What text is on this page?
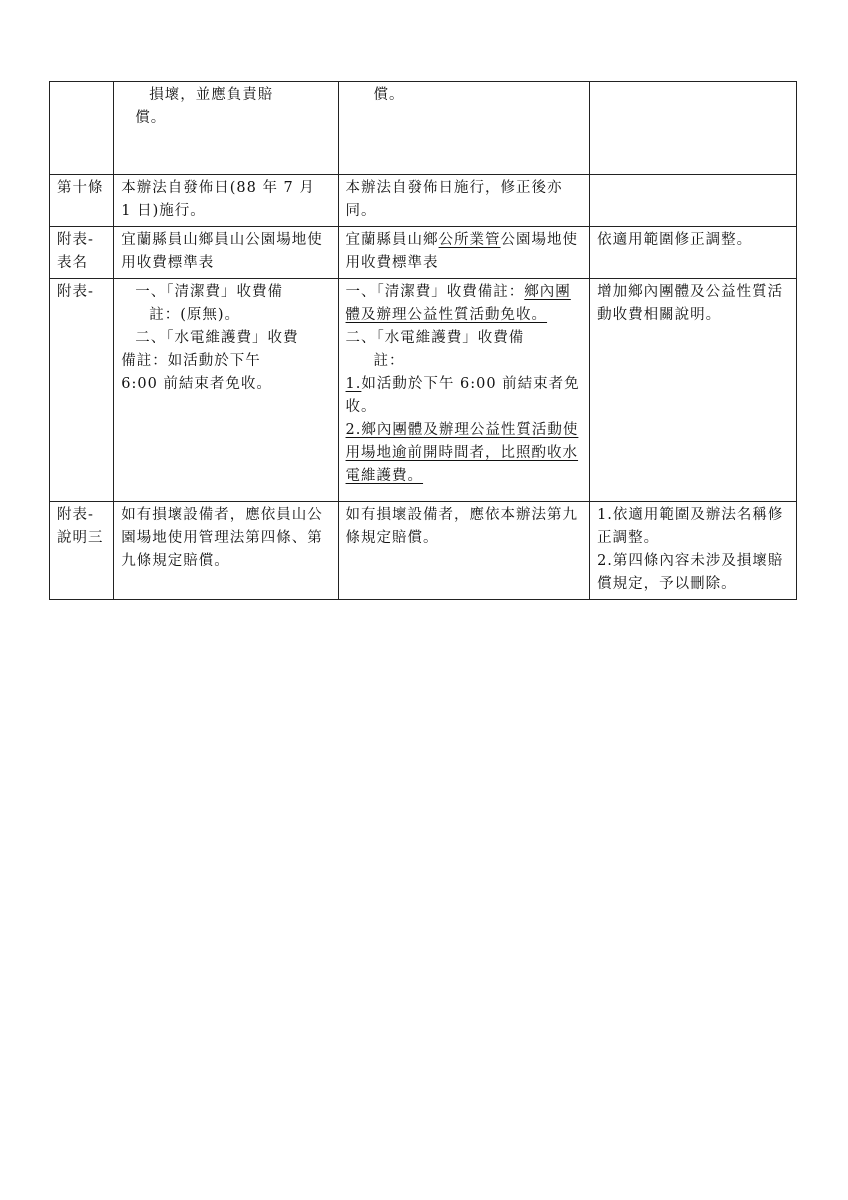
	損壞，並應負責賠
償。	償。	

第十條	本辦法自發佈日(88 年 7 月 1 日)施行。	本辦法自發佈日施行，修正後亦同。	
附表-表名	宜蘭縣員山鄉員山公園場地使用收費標準表	宜蘭縣員山鄉公所業管公園場地使用收費標準表	依適用範圍修正調整。
附表-	一、「清潔費」收費備
註：(原無)。
二、「水電維護費」收費
備註：如活動於下午
6:00 前結束者免收。	一、「清潔費」收費備註：鄉內團體及辦理公益性質活動免收。
二、「水電維護費」收費備
註：
1.如活動於下午 6:00 前結束者免收。
2.鄉內團體及辦理公益性質活動使用場地逾前開時間者，比照酌收水電維護費。	增加鄉內團體及公益性質活動收費相關說明。
附表-說明三	如有損壞設備者，應依員山公園場地使用管理法第四條、第九條規定賠償。	如有損壞設備者，應依本辦法第九條規定賠償。	1.依適用範圍及辦法名稱修正調整。
2.第四條內容未涉及損壞賠償規定，予以刪除。
